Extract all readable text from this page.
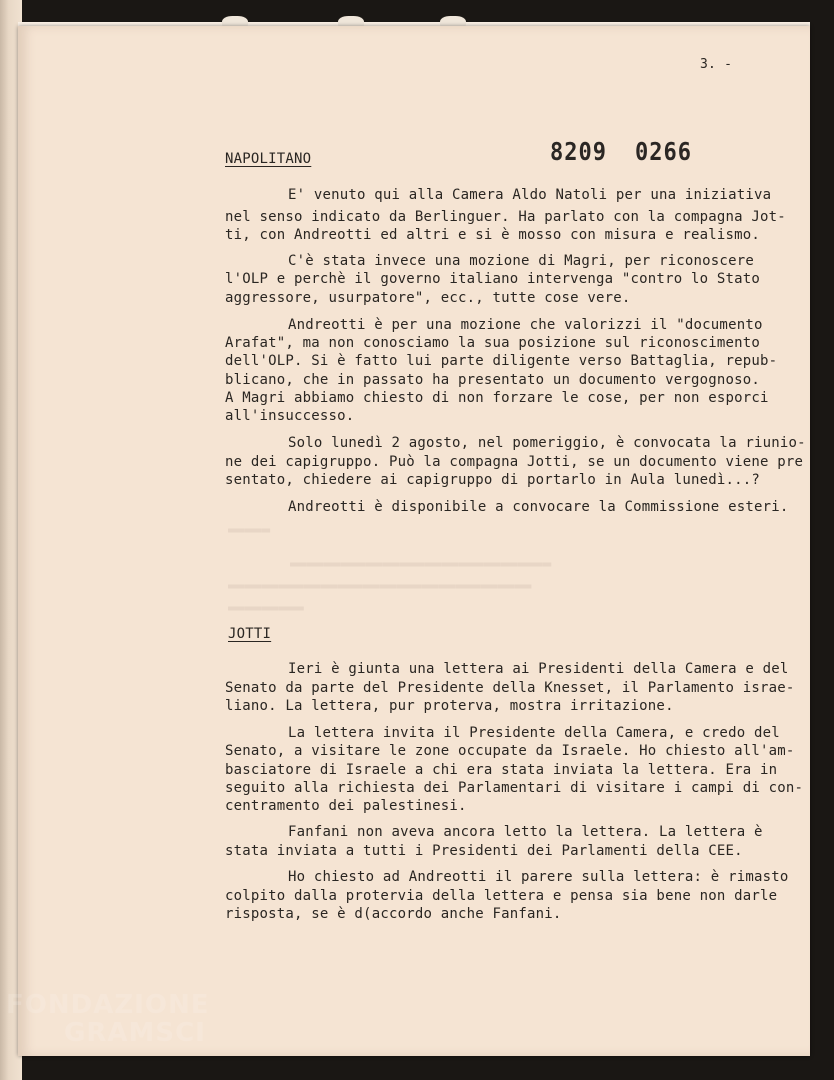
▬▬▬▬▬
▬▬▬▬▬▬▬▬▬▬▬▬▬▬▬▬▬▬▬▬▬▬▬▬▬▬▬▬▬▬▬
▬▬▬▬▬▬▬▬▬▬▬▬▬▬▬▬▬▬▬▬▬▬▬▬▬▬▬▬▬▬▬▬▬▬▬▬
▬▬▬▬▬▬▬▬▬
3. -
8209 0266
NAPOLITANO
E' venuto qui alla Camera Aldo Natoli per una iniziativa
nel senso indicato da Berlinguer. Ha parlato con la compagna Jot-
ti, con Andreotti ed altri e si è mosso con misura e realismo.
C'è stata invece una mozione di Magri, per riconoscere
l'OLP e perchè il governo italiano intervenga "contro lo Stato
aggressore, usurpatore", ecc., tutte cose vere.
Andreotti è per una mozione che valorizzi il "documento
Arafat", ma non conosciamo la sua posizione sul riconoscimento
dell'OLP. Si è fatto lui parte diligente verso Battaglia, repub-
blicano, che in passato ha presentato un documento vergognoso.
A Magri abbiamo chiesto di non forzare le cose, per non esporci
all'insuccesso.
Solo lunedì 2 agosto, nel pomeriggio, è convocata la riunio-
ne dei capigruppo. Può la compagna Jotti, se un documento viene pre
sentato, chiedere ai capigruppo di portarlo in Aula lunedì...?
Andreotti è disponibile a convocare la Commissione esteri.
JOTTI
Ieri è giunta una lettera ai Presidenti della Camera e del
Senato da parte del Presidente della Knesset, il Parlamento israe-
liano. La lettera, pur proterva, mostra irritazione.
La lettera invita il Presidente della Camera, e credo del
Senato, a visitare le zone occupate da Israele. Ho chiesto all'am-
basciatore di Israele a chi era stata inviata la lettera. Era in
seguito alla richiesta dei Parlamentari di visitare i campi di con-
centramento dei palestinesi.
Fanfani non aveva ancora letto la lettera. La lettera è
stata inviata a tutti i Presidenti dei Parlamenti della CEE.
Ho chiesto ad Andreotti il parere sulla lettera: è rimasto
colpito dalla protervia della lettera e pensa sia bene non darle
risposta, se è d(accordo anche Fanfani.
FONDAZIONE
GRAMSCI
